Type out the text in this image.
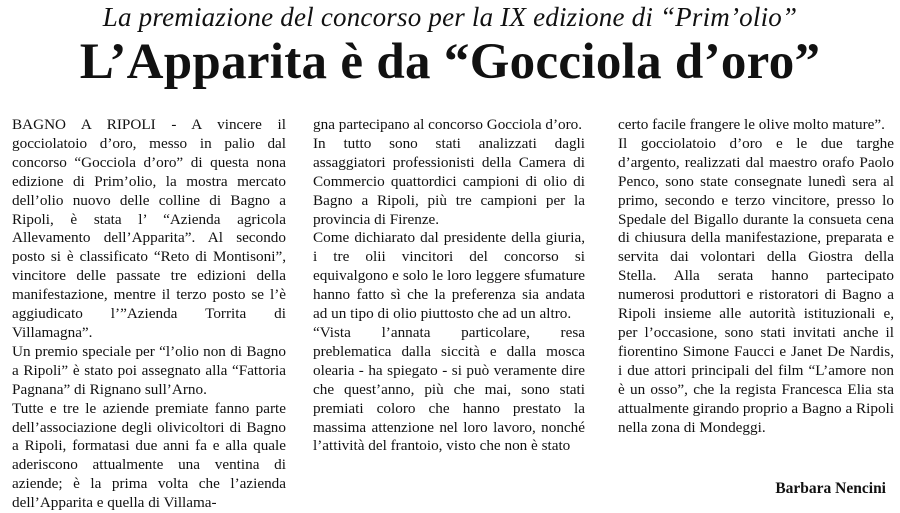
La premiazione del concorso per la IX edizione di “Prim’olio”
L’Apparita è da “Gocciola d’oro”

BAGNO A RIPOLI - A vincere il gocciolatoio d’oro, messo in palio dal concorso “Gocciola d’oro” di questa nona edizione di Prim’olio, la mostra mercato dell’olio nuovo delle colline di Bagno a Ripoli, è stata l’ “Azienda agricola Allevamento dell’Apparita”. Al secondo posto si è classificato “Reto di Montisoni”, vincitore delle passate tre edizioni della manifestazione, mentre il terzo posto se l’è aggiudicato l’”Azienda Torrita di Villamagna”.

Un premio speciale per “l’olio non di Bagno a Ripoli” è stato poi assegnato alla “Fattoria Pagnana” di Rignano sull’Arno.

Tutte e tre le aziende premiate fanno parte dell’associazione degli olivicoltori di Bagno a Ripoli, formatasi due anni fa e alla quale aderiscono attualmente una ventina di aziende; è la prima volta che l’azienda dell’Apparita e quella di Villama-

gna partecipano al concorso Gocciola d’oro.

In tutto sono stati analizzati dagli assaggiatori professionisti della Camera di Commercio quattordici campioni di olio di Bagno a Ripoli, più tre campioni per la provincia di Firenze.

Come dichiarato dal presidente della giuria, i tre olii vincitori del concorso si equivalgono e solo le loro leggere sfumature hanno fatto sì che la preferenza sia andata ad un tipo di olio piuttosto che ad un altro.

“Vista l’annata particolare, resa preblematica dalla siccità e dalla mosca olearia - ha spiegato - si può veramente dire che quest’anno, più che mai, sono stati premiati coloro che hanno prestato la massima attenzione nel loro lavoro, nonché l’attività del frantoio, visto che non è stato

certo facile frangere le olive molto mature”.

Il gocciolatoio d’oro e le due targhe d’argento, realizzati dal maestro orafo Paolo Penco, sono state consegnate lunedì sera al primo, secondo e terzo vincitore, presso lo Spedale del Bigallo durante la consueta cena di chiusura della manifestazione, preparata e servita dai volontari della Giostra della Stella. Alla serata hanno partecipato numerosi produttori e ristoratori di Bagno a Ripoli insieme alle autorità istituzionali e, per l’occasione, sono stati invitati anche il fiorentino Simone Faucci e Janet De Nardis, i due attori principali del film “L’amore non è un osso”, che la regista Francesca Elia sta attualmente girando proprio a Bagno a Ripoli nella zona di Mondeggi.

Barbara Nencini
